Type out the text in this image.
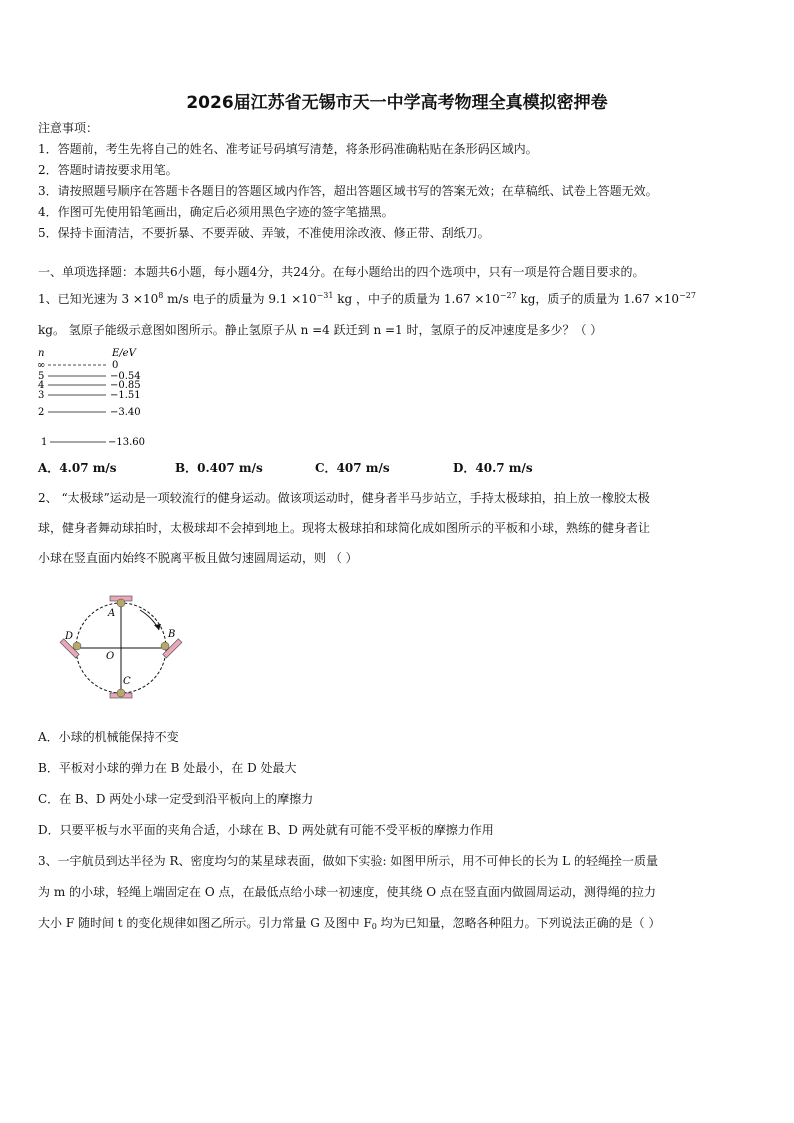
2026届江苏省无锡市天一中学高考物理全真模拟密押卷
注意事项：
1．答题前，考生先将自己的姓名、准考证号码填写清楚，将条形码准确粘贴在条形码区域内。
2．答题时请按要求用笔。
3．请按照题号顺序在答题卡各题目的答题区域内作答，超出答题区域书写的答案无效；在草稿纸、试卷上答题无效。
4．作图可先使用铅笔画出，确定后必须用黑色字迹的签字笔描黑。
5．保持卡面清洁，不要折暴、不要弄破、弄皱，不准使用涂改液、修正带、刮纸刀。
一、单项选择题：本题共6小题，每小题4分，共24分。在每小题给出的四个选项中，只有一项是符合题目要求的。
1、已知光速为 $3 \times 10^8$ m/s 电子的质量为 $9.1 \times 10^{-31}$ kg ，中子的质量为 $1.67 \times 10^{-27}$ kg，质子的质量为 $1.67 \times 10^{-27}$
kg。 氢原子能级示意图如图所示。静止氢原子从 n =4 跃迁到 n =1 时，氢原子的反冲速度是多少？（ ）
n	E/eV
∞	0
5	−0.54
4	−0.85
3	−1.51
2	−3.40
1	−13.60
A．4.07 m/s	B．0.407 m/s	C．407 m/s	D．40.7 m/s
2、 “太极球”运动是一项较流行的健身运动。做该项运动时，健身者半马步站立，手持太极球拍，拍上放一橡胶太极
球，健身者舞动球拍时，太极球却不会掉到地上。现将太极球拍和球简化成如图所示的平板和小球，熟练的健身者让
小球在竖直面内始终不脱离平板且做匀速圆周运动，则 （ ）
A
B
C
D
O
A．小球的机械能保持不变
B．平板对小球的弹力在 B 处最小，在 D 处最大
C．在 B、D 两处小球一定受到沿平板向上的摩擦力
D．只要平板与水平面的夹角合适，小球在 B、D 两处就有可能不受平板的摩擦力作用
3、一宇航员到达半径为 R、密度均匀的某星球表面，做如下实验: 如图甲所示，用不可伸长的长为 L 的轻绳拴一质量
为 m 的小球，轻绳上端固定在 O 点，在最低点给小球一初速度，使其绕 O 点在竖直面内做圆周运动，测得绳的拉力
大小 F 随时间 t 的变化规律如图乙所示。引力常量 G 及图中 $F_0$ 均为已知量，忽略各种阻力。下列说法正确的是（ ）
